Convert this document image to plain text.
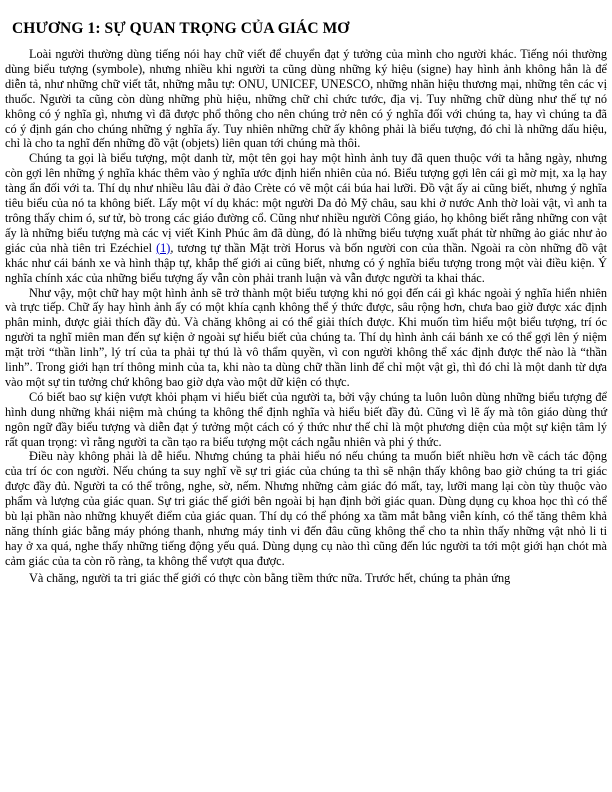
CHƯƠNG 1: SỰ QUAN TRỌNG CỦA GIÁC MƠ

Loài người thường dùng tiếng nói hay chữ viết để chuyển đạt ý tưởng của mình cho người khác. Tiếng nói thường dùng biểu tượng (symbole), nhưng nhiều khi người ta cũng dùng những ký hiệu (signe) hay hình ảnh không hẳn là để diễn tả, như những chữ viết tắt, những mẫu tự: ONU, UNICEF, UNESCO, những nhãn hiệu thương mại, những tên các vị thuốc. Người ta cũng còn dùng những phù hiệu, những chữ chỉ chức tước, địa vị. Tuy những chữ dùng như thế tự nó không có ý nghĩa gì, nhưng vì đã được phổ thông cho nên chúng trở nên có ý nghĩa đối với chúng ta, hay vì chúng ta đã có ý định gán cho chúng những ý nghĩa ấy. Tuy nhiên những chữ ấy không phải là biểu tượng, đó chỉ là những dấu hiệu, chỉ là cho ta nghĩ đến những đồ vật (objets) liên quan tới chúng mà thôi.

Chúng ta gọi là biểu tượng, một danh từ, một tên gọi hay một hình ảnh tuy đã quen thuộc với ta hằng ngày, nhưng còn gợi lên những ý nghĩa khác thêm vào ý nghĩa ước định hiển nhiên của nó. Biểu tượng gợi lên cái gì mờ mịt, xa lạ hay tàng ẩn đối với ta. Thí dụ như nhiều lâu đài ở đảo Crète có vẽ một cái búa hai lưỡi. Đồ vật ấy ai cũng biết, nhưng ý nghĩa tiêu biểu của nó ta không biết. Lấy một ví dụ khác: một người Da đỏ Mỹ châu, sau khi ở nước Anh thờ loài vật, vì anh ta trông thấy chim ó, sư tử, bò trong các giáo đường cổ. Cũng như nhiều người Công giáo, họ không biết rằng những con vật ấy là những biểu tượng mà các vị viết Kinh Phúc âm đã dùng, đó là những biểu tượng xuất phát từ những ảo giác như ảo giác của nhà tiên tri Ezéchiel (1), tương tự thần Mặt trời Horus và bốn người con của thần. Ngoài ra còn những đồ vật khác như cái bánh xe và hình thập tự, khắp thế giới ai cũng biết, nhưng có ý nghĩa biểu tượng trong một vài điều kiện. Ý nghĩa chính xác của những biểu tượng ấy vẫn còn phải tranh luận và vẫn được người ta khai thác.

Như vậy, một chữ hay một hình ảnh sẽ trở thành một biểu tượng khi nó gọi đến cái gì khác ngoài ý nghĩa hiển nhiên và trực tiếp. Chữ ấy hay hình ảnh ấy có một khía cạnh không thể ý thức được, sâu rộng hơn, chưa bao giờ được xác định phân minh, được giải thích đầy đủ. Và chăng không ai có thể giải thích được. Khi muốn tìm hiểu một biểu tượng, trí óc người ta nghĩ miên man đến sự kiện ở ngoài sự hiểu biết của chúng ta. Thí dụ hình ảnh cái bánh xe có thể gợi lên ý niệm mặt trời “thần linh”, lý trí của ta phải tự thú là vô thẩm quyền, vì con người không thể xác định được thế nào là “thần linh”. Trong giới hạn trí thông minh của ta, khi nào ta dùng chữ thần linh để chỉ một vật gì, thì đó chỉ là một danh từ dựa vào một sự tin tưởng chứ không bao giờ dựa vào một dữ kiện có thực.

Có biết bao sự kiện vượt khỏi phạm vi hiểu biết của người ta, bởi vậy chúng ta luôn luôn dùng những biểu tượng để hình dung những khái niệm mà chúng ta không thể định nghĩa và hiểu biết đầy đủ. Cũng vì lẽ ấy mà tôn giáo dùng thứ ngôn ngữ đầy biểu tượng và diễn đạt ý tưởng một cách có ý thức như thế chỉ là một phương diện của một sự kiện tâm lý rất quan trọng: vì rằng người ta cần tạo ra biểu tượng một cách ngẫu nhiên và phi ý thức.

Điều này không phải là dễ hiểu. Nhưng chúng ta phải hiểu nó nếu chúng ta muốn biết nhiều hơn về cách tác động của trí óc con người. Nếu chúng ta suy nghĩ về sự tri giác của chúng ta thì sẽ nhận thấy không bao giờ chúng ta tri giác được đầy đủ. Người ta có thể trông, nghe, sờ, nếm. Nhưng những cảm giác đó mất, tay, lưỡi mang lại còn tùy thuộc vào phẩm và lượng của giác quan. Sự tri giác thế giới bên ngoài bị hạn định bởi giác quan. Dùng dụng cụ khoa học thì có thể bù lại phần nào những khuyết điểm của giác quan. Thí dụ có thể phóng xa tầm mắt bằng viễn kính, có thể tăng thêm khả năng thính giác bằng máy phóng thanh, nhưng máy tinh vi đến đâu cũng không thể cho ta nhìn thấy những vật nhỏ li ti hay ở xa quá, nghe thấy những tiếng động yếu quá. Dùng dụng cụ nào thì cũng đến lúc người ta tới một giới hạn chót mà cảm giác của ta còn rõ ràng, ta không thể vượt qua được.

Và chăng, người ta tri giác thế giới có thực còn bằng tiềm thức nữa. Trước hết, chúng ta phản ứng
